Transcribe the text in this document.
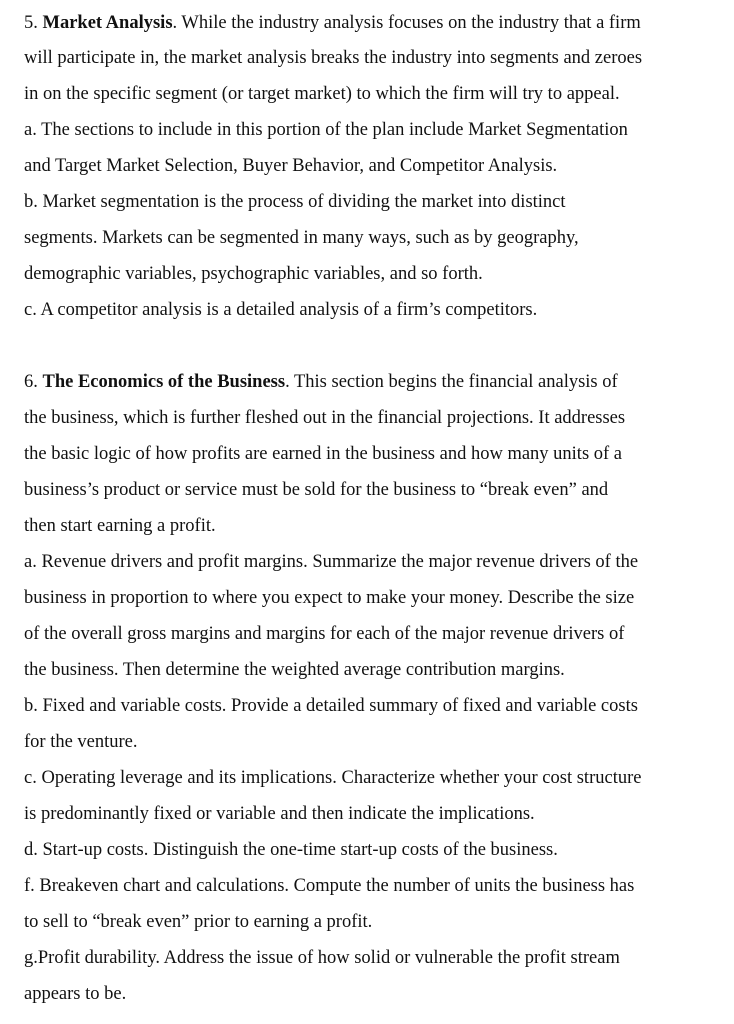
5. Market Analysis. While the industry analysis focuses on the industry that a firm
will participate in, the market analysis breaks the industry into segments and zeroes
in on the specific segment (or target market) to which the firm will try to appeal.
a. The sections to include in this portion of the plan include Market Segmentation
and Target Market Selection, Buyer Behavior, and Competitor Analysis.
b. Market segmentation is the process of dividing the market into distinct
segments. Markets can be segmented in many ways, such as by geography,
demographic variables, psychographic variables, and so forth.
c. A competitor analysis is a detailed analysis of a firm’s competitors.
6. The Economics of the Business. This section begins the financial analysis of
the business, which is further fleshed out in the financial projections. It addresses
the basic logic of how profits are earned in the business and how many units of a
business’s product or service must be sold for the business to “break even” and
then start earning a profit.
a. Revenue drivers and profit margins. Summarize the major revenue drivers of the
business in proportion to where you expect to make your money. Describe the size
of the overall gross margins and margins for each of the major revenue drivers of
the business. Then determine the weighted average contribution margins.
b. Fixed and variable costs. Provide a detailed summary of fixed and variable costs
for the venture.
c. Operating leverage and its implications. Characterize whether your cost structure
is predominantly fixed or variable and then indicate the implications.
d. Start-up costs. Distinguish the one-time start-up costs of the business.
f. Breakeven chart and calculations. Compute the number of units the business has
to sell to “break even” prior to earning a profit.
g.Profit durability. Address the issue of how solid or vulnerable the profit stream
appears to be.
